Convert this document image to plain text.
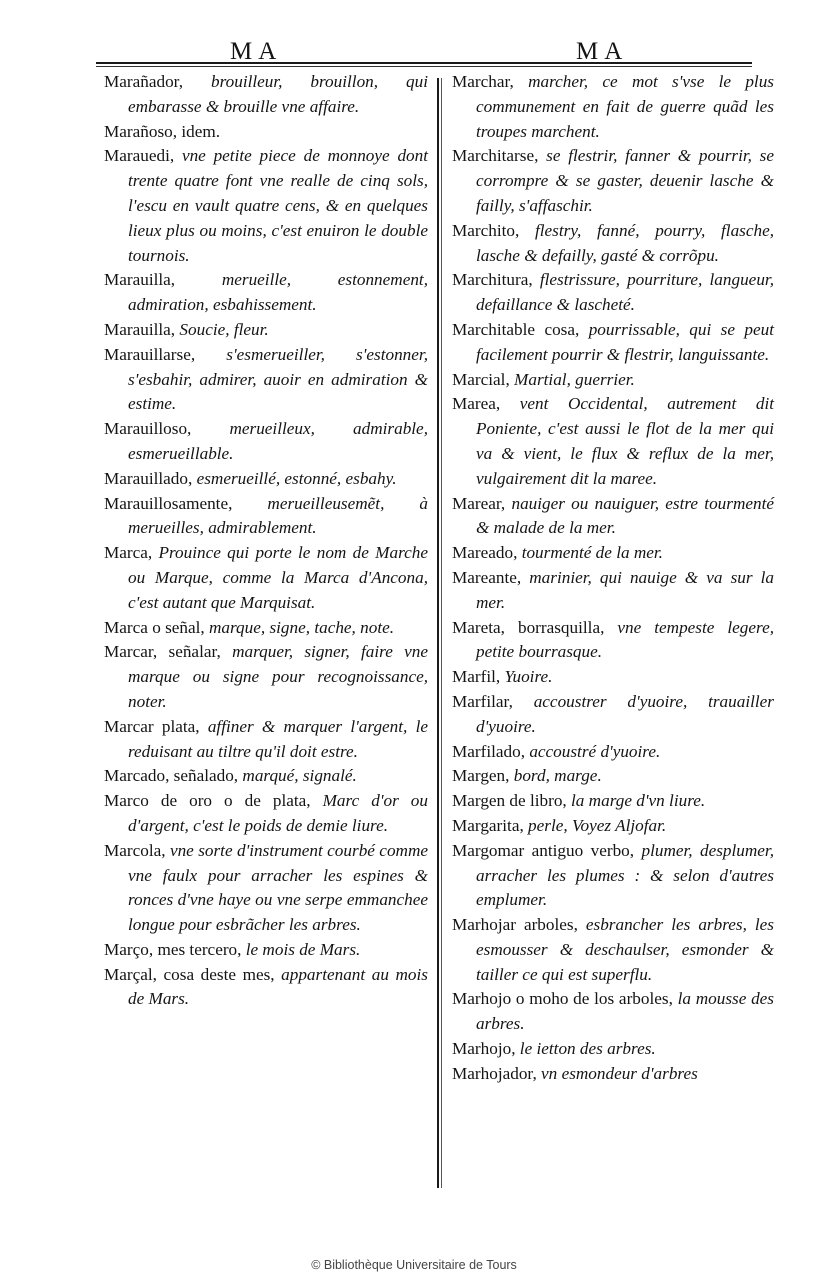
MA	MA

Marañador, brouilleur, brouillon, qui embarasse & brouille vne affaire.

Marañoso, idem.

Marauedi, vne petite piece de monnoye dont trente quatre font vne realle de cinq sols, l'escu en vault quatre cens, & en quelques lieux plus ou moins, c'est enuiron le double tournois.

Marauilla, merueille, estonnement, admiration, esbahissement.

Marauilla, Soucie, fleur.

Marauillarse, s'esmerueiller, s'estonner, s'esbahir, admirer, auoir en admiration & estime.

Marauilloso, merueilleux, admirable, esmerueillable.

Marauillado, esmerueillé, estonné, esbahy.

Marauillosamente, merueilleusemẽt, à merueilles, admirablement.

Marca, Prouince qui porte le nom de Marche ou Marque, comme la Marca d'Ancona, c'est autant que Marquisat.

Marca o señal, marque, signe, tache, note.

Marcar, señalar, marquer, signer, faire vne marque ou signe pour recognoissance, noter.

Marcar plata, affiner & marquer l'argent, le reduisant au tiltre qu'il doit estre.

Marcado, señalado, marqué, signalé.

Marco de oro o de plata, Marc d'or ou d'argent, c'est le poids de demie liure.

Marcola, vne sorte d'instrument courbé comme vne faulx pour arracher les espines & ronces d'vne haye ou vne serpe emmanchee longue pour esbrãcher les arbres.

Março, mes tercero, le mois de Mars.

Marçal, cosa deste mes, appartenant au mois de Mars.

Marchar, marcher, ce mot s'vse le plus communement en fait de guerre quãd les troupes marchent.

Marchitarse, se flestrir, fanner & pourrir, se corrompre & se gaster, deuenir lasche & failly, s'affaschir.

Marchito, flestry, fanné, pourry, flasche, lasche & defailly, gasté & corrõpu.

Marchitura, flestrissure, pourriture, langueur, defaillance & lascheté.

Marchitable cosa, pourrissable, qui se peut facilement pourrir & flestrir, languissante.

Marcial, Martial, guerrier.

Marea, vent Occidental, autrement dit Poniente, c'est aussi le flot de la mer qui va & vient, le flux & reflux de la mer, vulgairement dit la maree.

Marear, nauiger ou nauiguer, estre tourmenté & malade de la mer.

Mareado, tourmenté de la mer.

Mareante, marinier, qui nauige & va sur la mer.

Mareta, borrasquilla, vne tempeste legere, petite bourrasque.

Marfil, Yuoire.

Marfilar, accoustrer d'yuoire, trauailler d'yuoire.

Marfilado, accoustré d'yuoire.

Margen, bord, marge.

Margen de libro, la marge d'vn liure.

Margarita, perle, Voyez Aljofar.

Margomar antiguo verbo, plumer, desplumer, arracher les plumes : & selon d'autres emplumer.

Marhojar arboles, esbrancher les arbres, les esmousser & deschaulser, esmonder & tailler ce qui est superflu.

Marhojo o moho de los arboles, la mousse des arbres.

Marhojo, le ietton des arbres.

Marhojador, vn esmondeur d'arbres

© Bibliothèque Universitaire de Tours
